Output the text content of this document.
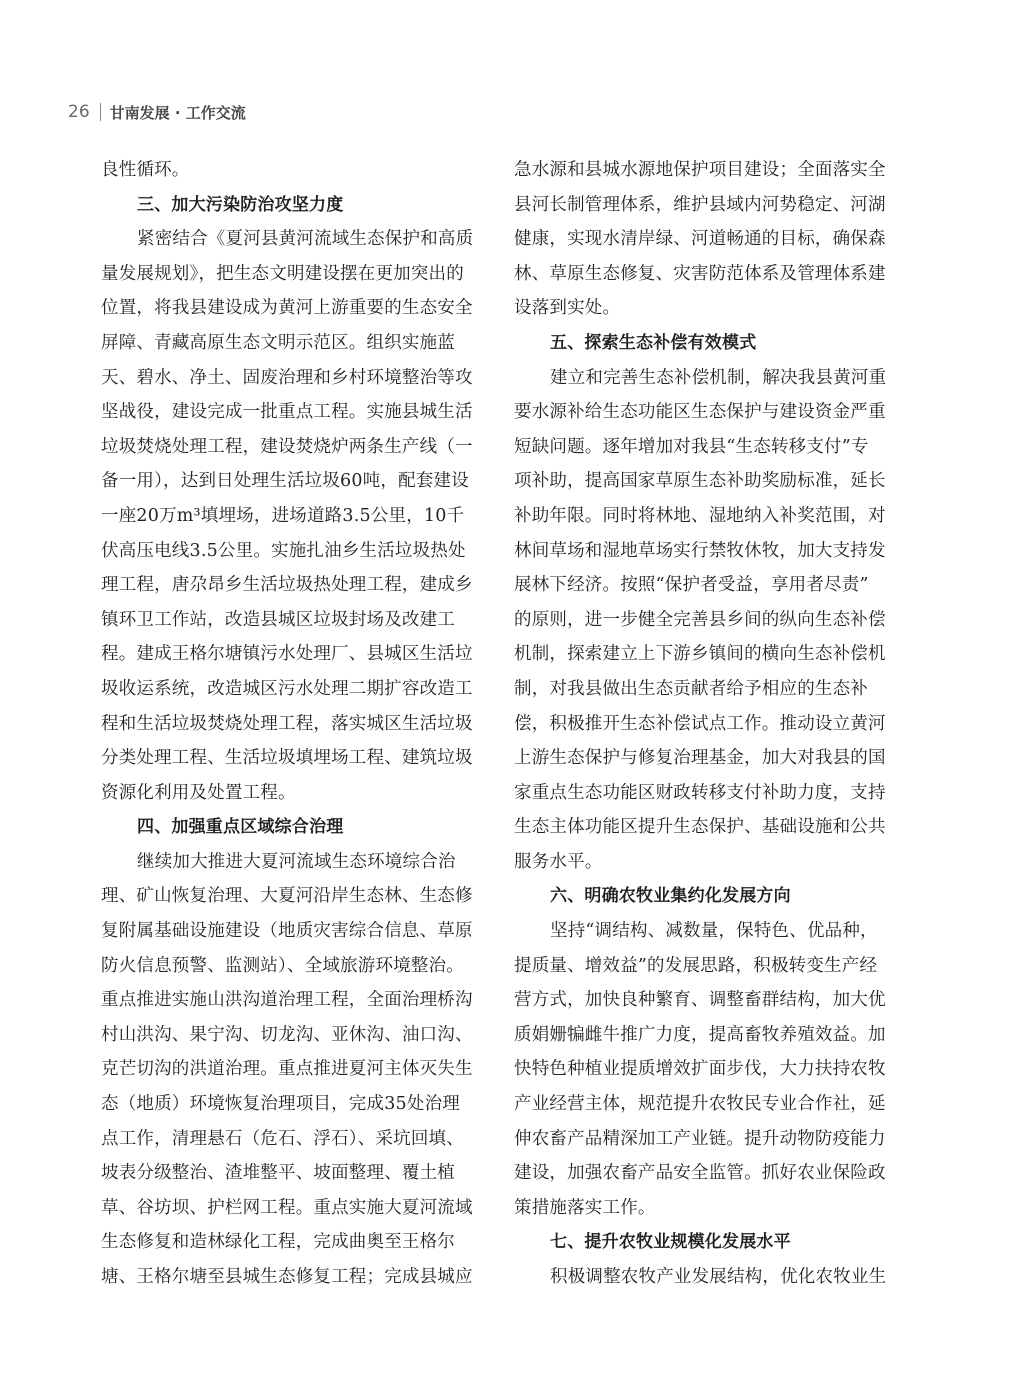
26 甘南发展 · 工作交流
良性循环。
三、加大污染防治攻坚力度
紧密结合《夏河县黄河流域生态保护和高质
量发展规划》，把生态文明建设摆在更加突出的
位置，将我县建设成为黄河上游重要的生态安全
屏障、青藏高原生态文明示范区。组织实施蓝
天、碧水、净土、固废治理和乡村环境整治等攻
坚战役，建设完成一批重点工程。实施县城生活
垃圾焚烧处理工程，建设焚烧炉两条生产线（一
备一用），达到日处理生活垃圾60吨，配套建设
一座20万m³填埋场，进场道路3.5公里，10千
伏高压电线3.5公里。实施扎油乡生活垃圾热处
理工程，唐尕昂乡生活垃圾热处理工程，建成乡
镇环卫工作站，改造县城区垃圾封场及改建工
程。建成王格尔塘镇污水处理厂、县城区生活垃
圾收运系统，改造城区污水处理二期扩容改造工
程和生活垃圾焚烧处理工程，落实城区生活垃圾
分类处理工程、生活垃圾填埋场工程、建筑垃圾
资源化利用及处置工程。
四、加强重点区域综合治理
继续加大推进大夏河流域生态环境综合治
理、矿山恢复治理、大夏河沿岸生态林、生态修
复附属基础设施建设（地质灾害综合信息、草原
防火信息预警、监测站）、全域旅游环境整治。
重点推进实施山洪沟道治理工程，全面治理桥沟
村山洪沟、果宁沟、切龙沟、亚休沟、油口沟、
克芒切沟的洪道治理。重点推进夏河主体灭失生
态（地质）环境恢复治理项目，完成35处治理
点工作，清理悬石（危石、浮石）、采坑回填、
坡表分级整治、渣堆整平、坡面整理、覆土植
草、谷坊坝、护栏网工程。重点实施大夏河流域
生态修复和造林绿化工程，完成曲奥至王格尔
塘、王格尔塘至县城生态修复工程；完成县城应
急水源和县城水源地保护项目建设；全面落实全
县河长制管理体系，维护县域内河势稳定、河湖
健康，实现水清岸绿、河道畅通的目标，确保森
林、草原生态修复、灾害防范体系及管理体系建
设落到实处。
五、探索生态补偿有效模式
建立和完善生态补偿机制，解决我县黄河重
要水源补给生态功能区生态保护与建设资金严重
短缺问题。逐年增加对我县“生态转移支付”专
项补助，提高国家草原生态补助奖励标准，延长
补助年限。同时将林地、湿地纳入补奖范围，对
林间草场和湿地草场实行禁牧休牧，加大支持发
展林下经济。按照“保护者受益，享用者尽责”
的原则，进一步健全完善县乡间的纵向生态补偿
机制，探索建立上下游乡镇间的横向生态补偿机
制，对我县做出生态贡献者给予相应的生态补
偿，积极推开生态补偿试点工作。推动设立黄河
上游生态保护与修复治理基金，加大对我县的国
家重点生态功能区财政转移支付补助力度，支持
生态主体功能区提升生态保护、基础设施和公共
服务水平。
六、明确农牧业集约化发展方向
坚持“调结构、减数量，保特色、优品种，
提质量、增效益”的发展思路，积极转变生产经
营方式，加快良种繁育、调整畜群结构，加大优
质娟姗犏雌牛推广力度，提高畜牧养殖效益。加
快特色种植业提质增效扩面步伐，大力扶持农牧
产业经营主体，规范提升农牧民专业合作社，延
伸农畜产品精深加工产业链。提升动物防疫能力
建设，加强农畜产品安全监管。抓好农业保险政
策措施落实工作。
七、提升农牧业规模化发展水平
积极调整农牧产业发展结构，优化农牧业生
